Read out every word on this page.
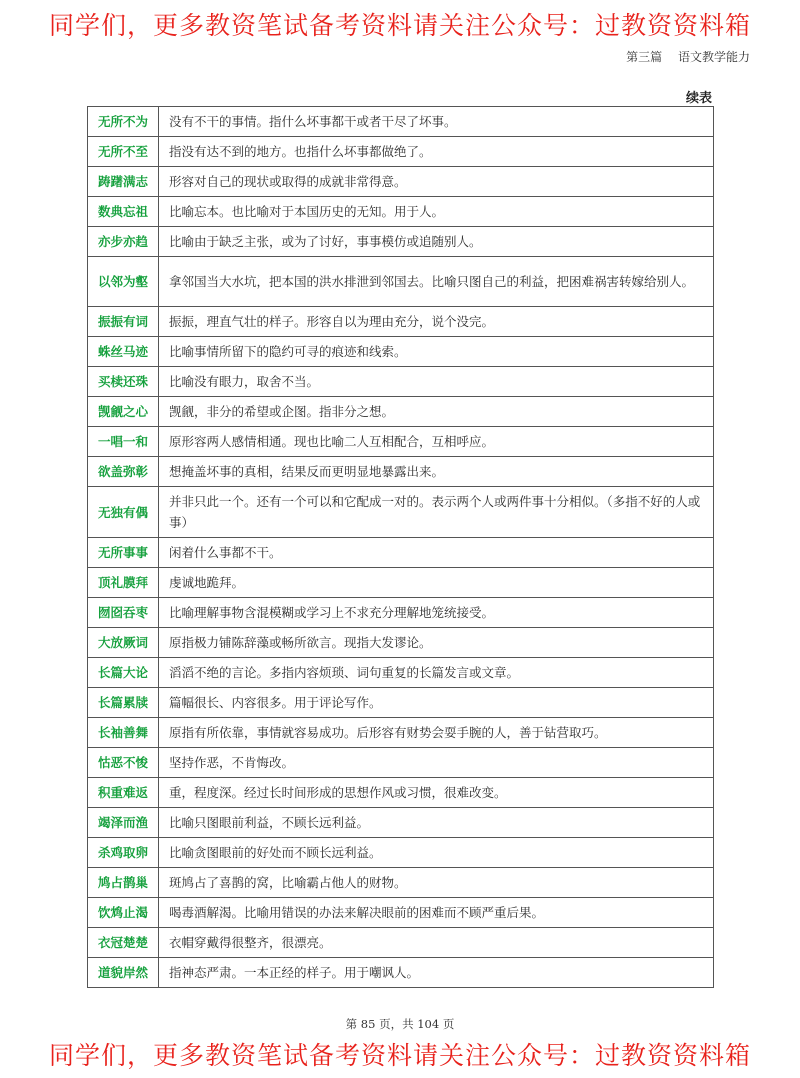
同学们，更多教资笔试备考资料请关注公众号：过教资资料箱
第三篇 语文教学能力
续表
无所不为	没有不干的事情。指什么坏事都干或者干尽了坏事。
无所不至	指没有达不到的地方。也指什么坏事都做绝了。
踌躇满志	形容对自己的现状或取得的成就非常得意。
数典忘祖	比喻忘本。也比喻对于本国历史的无知。用于人。
亦步亦趋	比喻由于缺乏主张，或为了讨好，事事模仿或追随别人。
以邻为壑	拿邻国当大水坑，把本国的洪水排泄到邻国去。比喻只图自己的利益，把困难祸害转嫁给别人。
振振有词	振振，理直气壮的样子。形容自以为理由充分，说个没完。
蛛丝马迹	比喻事情所留下的隐约可寻的痕迹和线索。
买椟还珠	比喻没有眼力，取舍不当。
觊觎之心	觊觎，非分的希望或企图。指非分之想。
一唱一和	原形容两人感情相通。现也比喻二人互相配合，互相呼应。
欲盖弥彰	想掩盖坏事的真相，结果反而更明显地暴露出来。
无独有偶	并非只此一个。还有一个可以和它配成一对的。表示两个人或两件事十分相似。（多指不好的人或事）
无所事事	闲着什么事都不干。
顶礼膜拜	虔诚地跪拜。
囫囵吞枣	比喻理解事物含混模糊或学习上不求充分理解地笼统接受。
大放厥词	原指极力铺陈辞藻或畅所欲言。现指大发谬论。
长篇大论	滔滔不绝的言论。多指内容烦琐、词句重复的长篇发言或文章。
长篇累牍	篇幅很长、内容很多。用于评论写作。
长袖善舞	原指有所依靠，事情就容易成功。后形容有财势会耍手腕的人，善于钻营取巧。
怙恶不悛	坚持作恶，不肯悔改。
积重难返	重，程度深。经过长时间形成的思想作风或习惯，很难改变。
竭泽而渔	比喻只图眼前利益，不顾长远利益。
杀鸡取卵	比喻贪图眼前的好处而不顾长远利益。
鸠占鹊巢	斑鸠占了喜鹊的窝，比喻霸占他人的财物。
饮鸩止渴	喝毒酒解渴。比喻用错误的办法来解决眼前的困难而不顾严重后果。
衣冠楚楚	衣帽穿戴得很整齐，很漂亮。
道貌岸然	指神态严肃。一本正经的样子。用于嘲讽人。
第 85 页，共 104 页
同学们，更多教资笔试备考资料请关注公众号：过教资资料箱
